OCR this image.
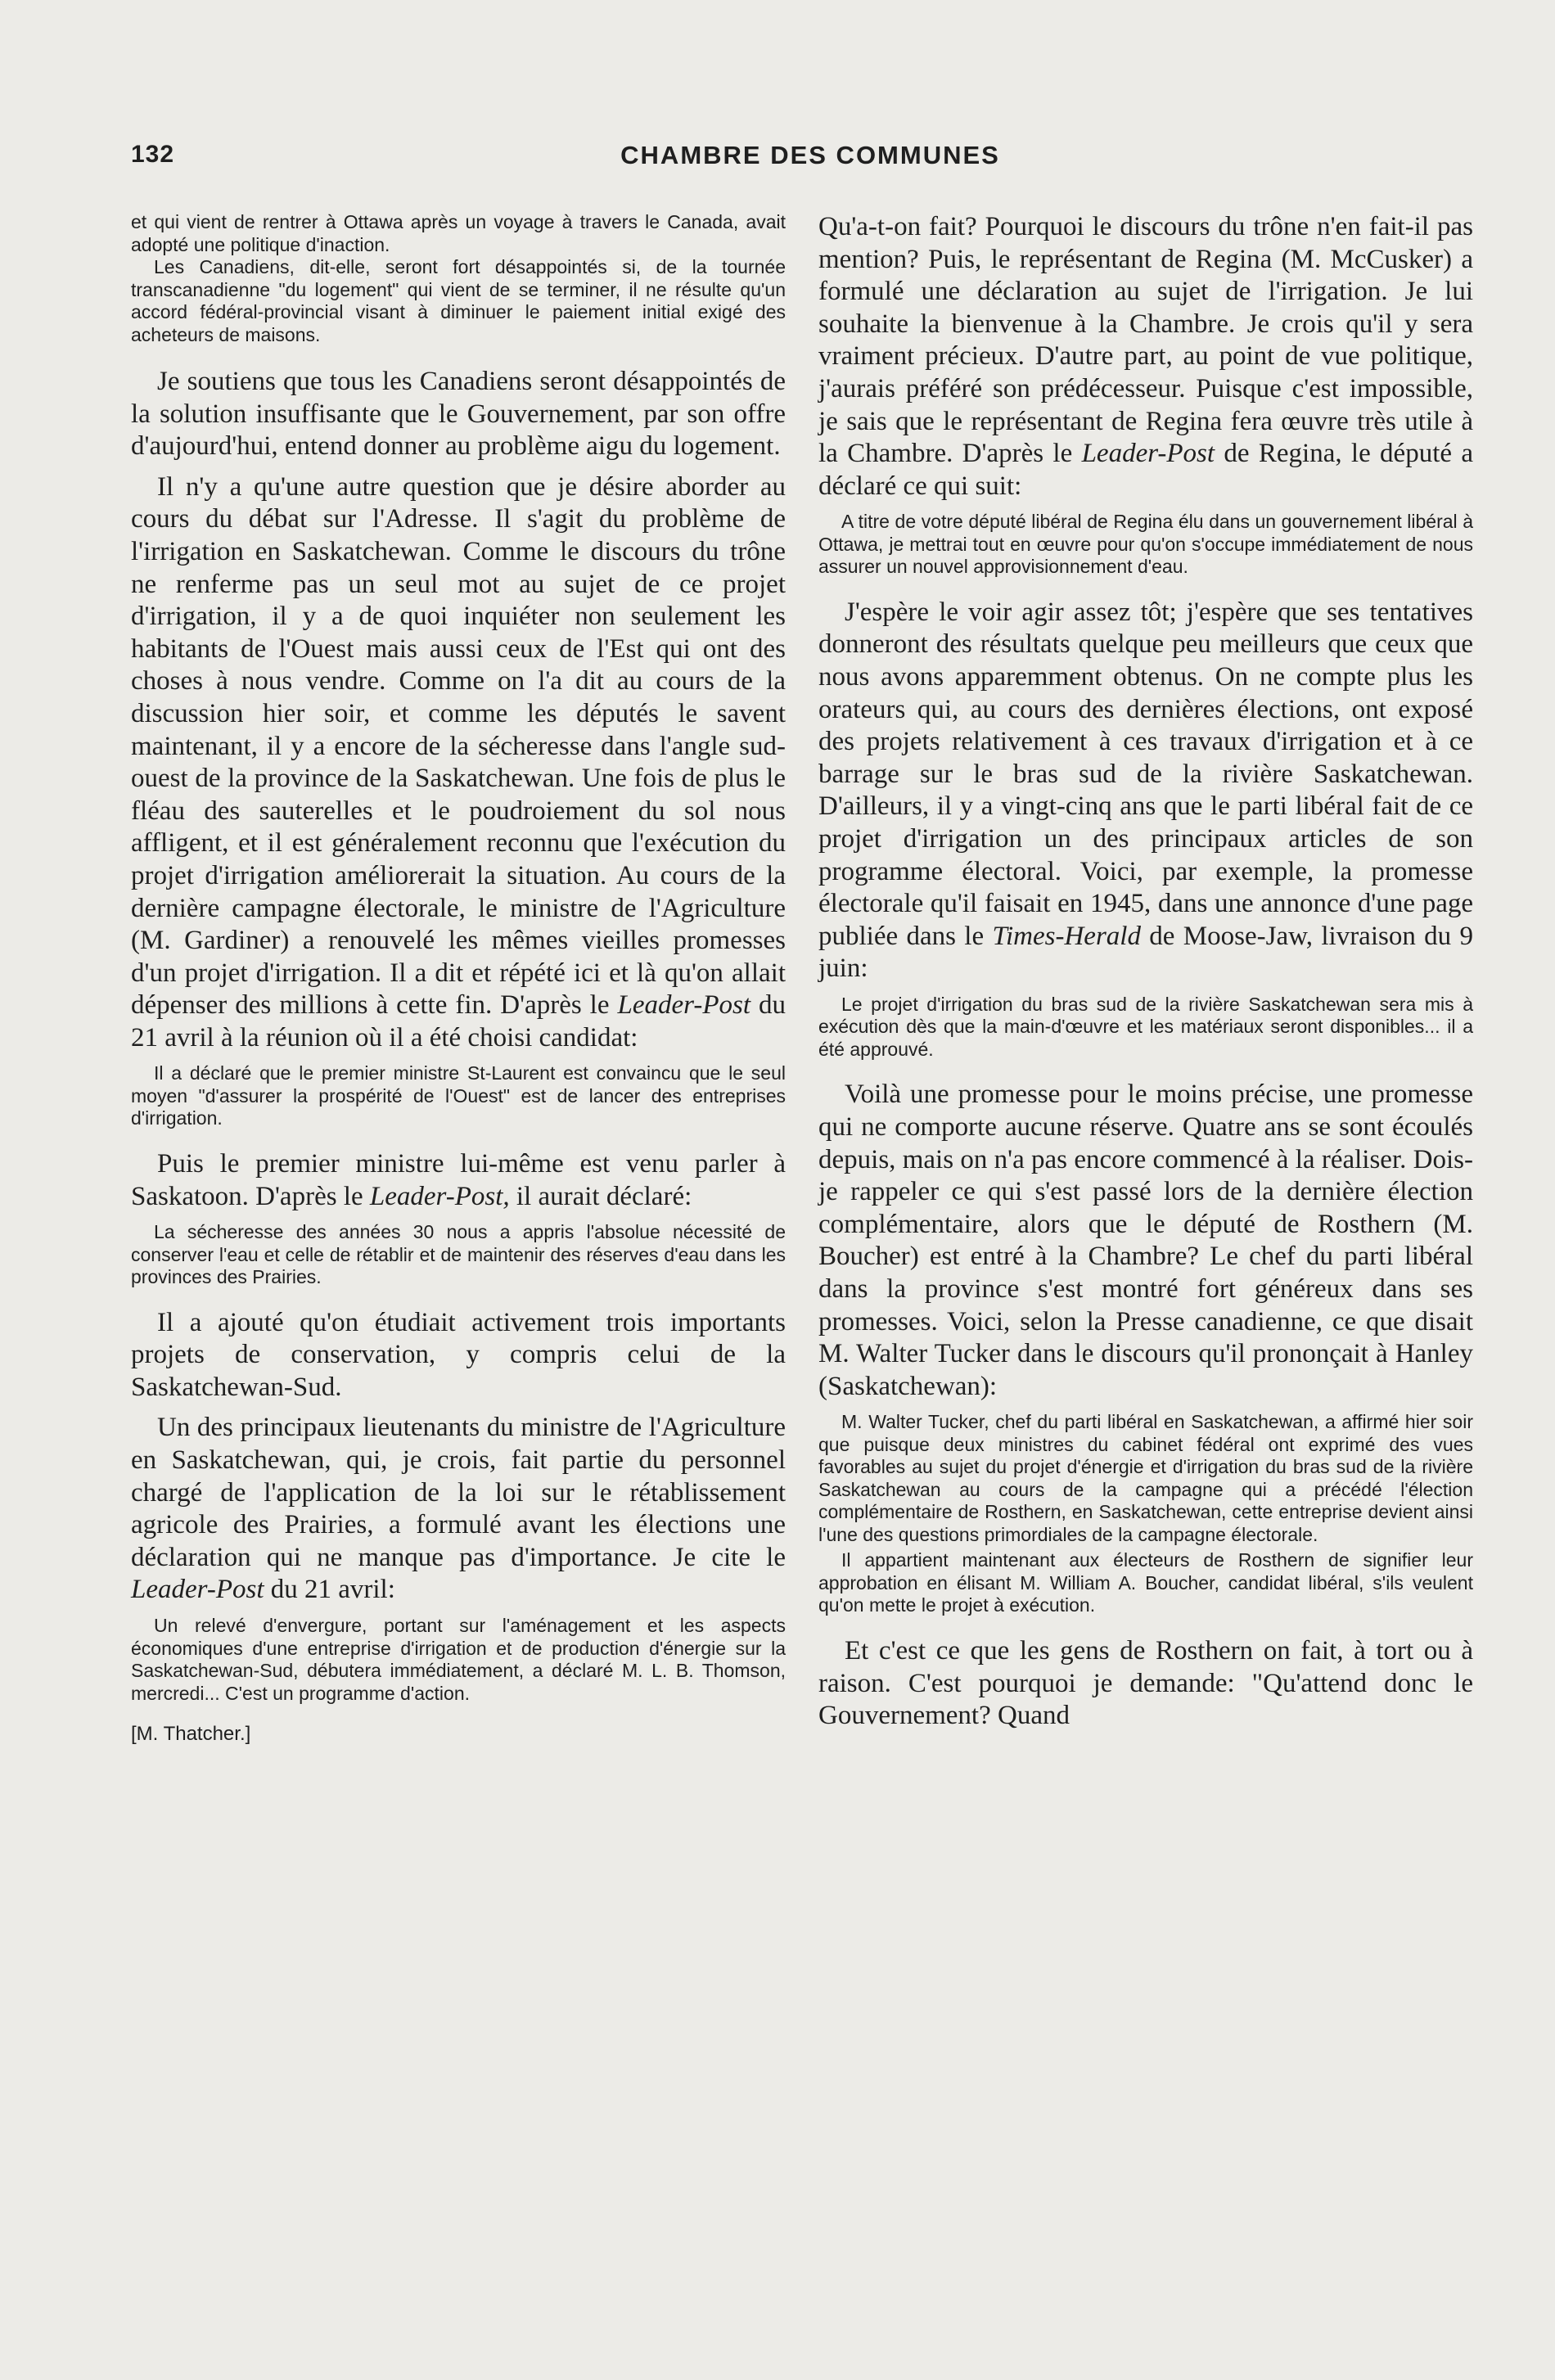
132	CHAMBRE DES COMMUNES

et qui vient de rentrer à Ottawa après un voyage à travers le Canada, avait adopté une politique d'inaction.

Les Canadiens, dit-elle, seront fort désappointés si, de la tournée transcanadienne "du logement" qui vient de se terminer, il ne résulte qu'un accord fédéral-provincial visant à diminuer le paiement initial exigé des acheteurs de maisons.

Je soutiens que tous les Canadiens seront désappointés de la solution insuffisante que le Gouvernement, par son offre d'aujourd'hui, entend donner au problème aigu du logement.

Il n'y a qu'une autre question que je désire aborder au cours du débat sur l'Adresse. Il s'agit du problème de l'irrigation en Saskatchewan. Comme le discours du trône ne renferme pas un seul mot au sujet de ce projet d'irrigation, il y a de quoi inquiéter non seulement les habitants de l'Ouest mais aussi ceux de l'Est qui ont des choses à nous vendre. Comme on l'a dit au cours de la discussion hier soir, et comme les députés le savent maintenant, il y a encore de la sécheresse dans l'angle sud-ouest de la province de la Saskatchewan. Une fois de plus le fléau des sauterelles et le poudroiement du sol nous affligent, et il est généralement reconnu que l'exécution du projet d'irrigation améliorerait la situation. Au cours de la dernière campagne électorale, le ministre de l'Agriculture (M. Gardiner) a renouvelé les mêmes vieilles promesses d'un projet d'irrigation. Il a dit et répété ici et là qu'on allait dépenser des millions à cette fin. D'après le Leader-Post du 21 avril à la réunion où il a été choisi candidat:

Il a déclaré que le premier ministre St-Laurent est convaincu que le seul moyen "d'assurer la prospérité de l'Ouest" est de lancer des entreprises d'irrigation.

Puis le premier ministre lui-même est venu parler à Saskatoon. D'après le Leader-Post, il aurait déclaré:

La sécheresse des années 30 nous a appris l'absolue nécessité de conserver l'eau et celle de rétablir et de maintenir des réserves d'eau dans les provinces des Prairies.

Il a ajouté qu'on étudiait activement trois importants projets de conservation, y compris celui de la Saskatchewan-Sud.

Un des principaux lieutenants du ministre de l'Agriculture en Saskatchewan, qui, je crois, fait partie du personnel chargé de l'application de la loi sur le rétablissement agricole des Prairies, a formulé avant les élections une déclaration qui ne manque pas d'importance. Je cite le Leader-Post du 21 avril:

Un relevé d'envergure, portant sur l'aménagement et les aspects économiques d'une entreprise d'irrigation et de production d'énergie sur la Saskatchewan-Sud, débutera immédiatement, a déclaré M. L. B. Thomson, mercredi... C'est un programme d'action.

[M. Thatcher.]

Qu'a-t-on fait? Pourquoi le discours du trône n'en fait-il pas mention? Puis, le représentant de Regina (M. McCusker) a formulé une déclaration au sujet de l'irrigation. Je lui souhaite la bienvenue à la Chambre. Je crois qu'il y sera vraiment précieux. D'autre part, au point de vue politique, j'aurais préféré son prédécesseur. Puisque c'est impossible, je sais que le représentant de Regina fera œuvre très utile à la Chambre. D'après le Leader-Post de Regina, le député a déclaré ce qui suit:

A titre de votre député libéral de Regina élu dans un gouvernement libéral à Ottawa, je mettrai tout en œuvre pour qu'on s'occupe immédiatement de nous assurer un nouvel approvisionnement d'eau.

J'espère le voir agir assez tôt; j'espère que ses tentatives donneront des résultats quelque peu meilleurs que ceux que nous avons apparemment obtenus. On ne compte plus les orateurs qui, au cours des dernières élections, ont exposé des projets relativement à ces travaux d'irrigation et à ce barrage sur le bras sud de la rivière Saskatchewan. D'ailleurs, il y a vingt-cinq ans que le parti libéral fait de ce projet d'irrigation un des principaux articles de son programme électoral. Voici, par exemple, la promesse électorale qu'il faisait en 1945, dans une annonce d'une page publiée dans le Times-Herald de Moose-Jaw, livraison du 9 juin:

Le projet d'irrigation du bras sud de la rivière Saskatchewan sera mis à exécution dès que la main-d'œuvre et les matériaux seront disponibles... il a été approuvé.

Voilà une promesse pour le moins précise, une promesse qui ne comporte aucune réserve. Quatre ans se sont écoulés depuis, mais on n'a pas encore commencé à la réaliser. Dois-je rappeler ce qui s'est passé lors de la dernière élection complémentaire, alors que le député de Rosthern (M. Boucher) est entré à la Chambre? Le chef du parti libéral dans la province s'est montré fort généreux dans ses promesses. Voici, selon la Presse canadienne, ce que disait M. Walter Tucker dans le discours qu'il prononçait à Hanley (Saskatchewan):

M. Walter Tucker, chef du parti libéral en Saskatchewan, a affirmé hier soir que puisque deux ministres du cabinet fédéral ont exprimé des vues favorables au sujet du projet d'énergie et d'irrigation du bras sud de la rivière Saskatchewan au cours de la campagne qui a précédé l'élection complémentaire de Rosthern, en Saskatchewan, cette entreprise devient ainsi l'une des questions primordiales de la campagne électorale.

Il appartient maintenant aux électeurs de Rosthern de signifier leur approbation en élisant M. William A. Boucher, candidat libéral, s'ils veulent qu'on mette le projet à exécution.

Et c'est ce que les gens de Rosthern on fait, à tort ou à raison. C'est pourquoi je demande: "Qu'attend donc le Gouvernement? Quand
